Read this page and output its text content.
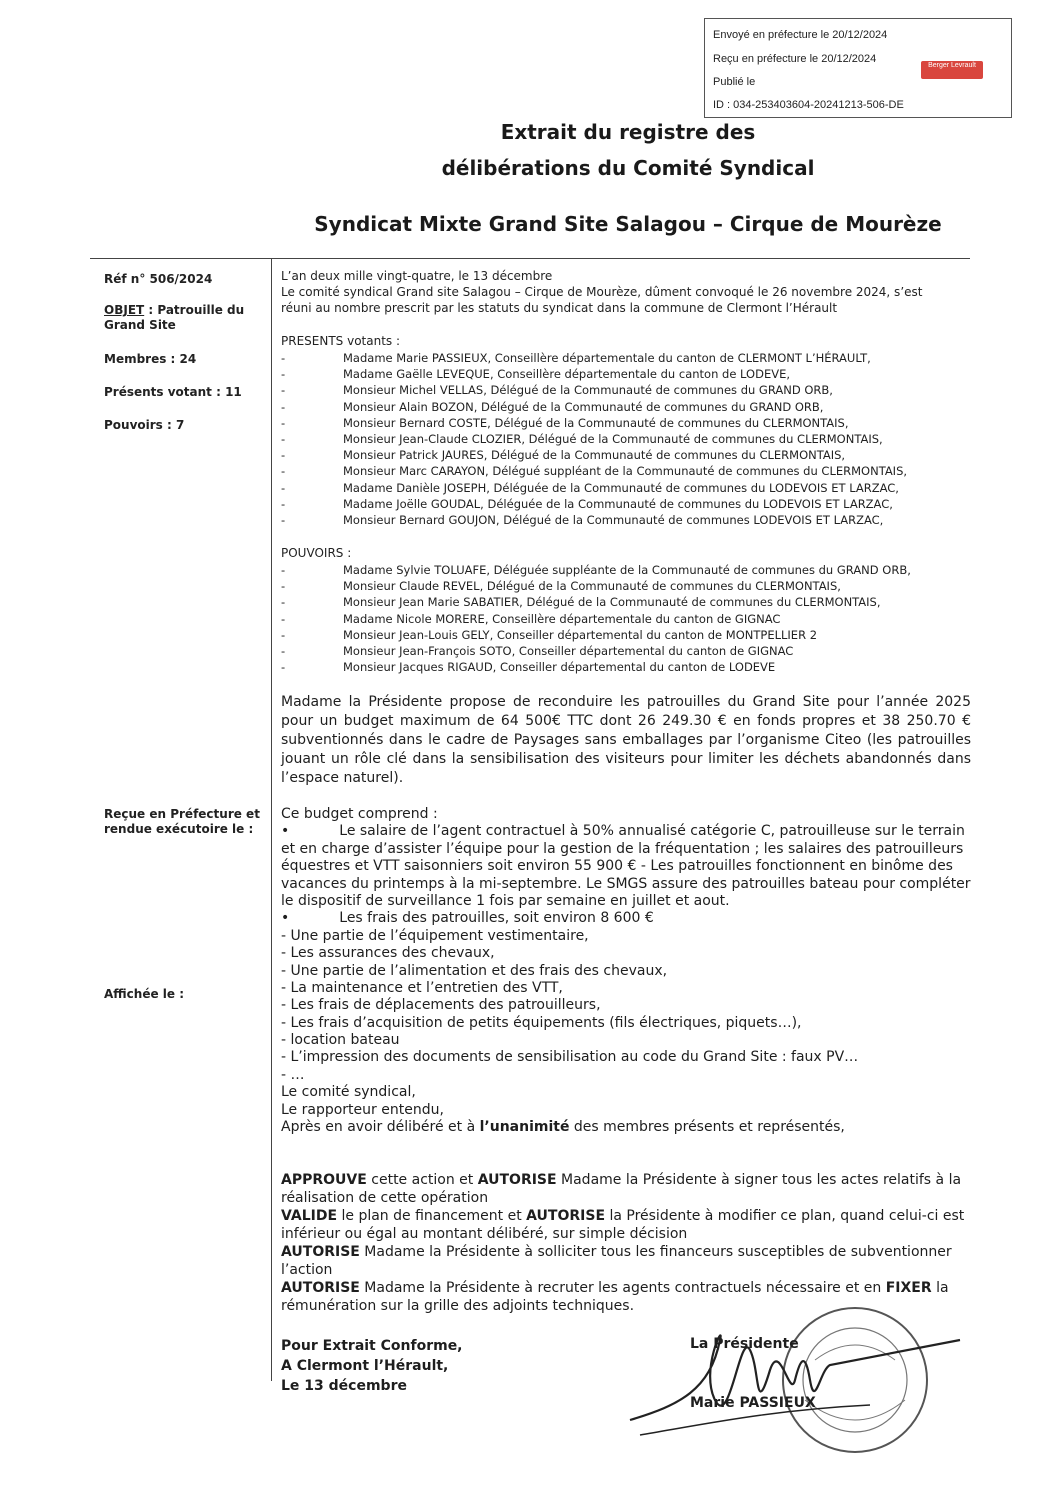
Envoyé en préfecture le 20/12/2024
Reçu en préfecture le 20/12/2024
Publié le
ID : 034-253403604-20241213-506-DE
Berger Levrault
Extrait du registre des
délibérations du Comité Syndical
Syndicat Mixte Grand Site Salagou – Cirque de Mourèze
Réf n° 506/2024
OBJET : Patrouille du
Grand Site
Membres : 24
Présents votant : 11
Pouvoirs : 7
Reçue en Préfecture et
rendue exécutoire le :
Affichée le :
L’an deux mille vingt-quatre, le 13 décembre
Le comité syndical Grand site Salagou – Cirque de Mourèze, dûment convoqué le 26 novembre 2024, s’est
réuni au nombre prescrit par les statuts du syndicat dans la commune de Clermont l’Hérault
PRESENTS votants :
-	Madame Marie PASSIEUX, Conseillère départementale du canton de CLERMONT L’HÉRAULT,
-	Madame Gaëlle LEVEQUE, Conseillère départementale du canton de LODEVE,
-	Monsieur Michel VELLAS, Délégué de la Communauté de communes du GRAND ORB,
-	Monsieur Alain BOZON, Délégué de la Communauté de communes du GRAND ORB,
-	Monsieur Bernard COSTE, Délégué de la Communauté de communes du CLERMONTAIS,
-	Monsieur Jean-Claude CLOZIER, Délégué de la Communauté de communes du CLERMONTAIS,
-	Monsieur Patrick JAURES, Délégué de la Communauté de communes du CLERMONTAIS,
-	Monsieur Marc CARAYON, Délégué suppléant de la Communauté de communes du CLERMONTAIS,
-	Madame Danièle JOSEPH, Déléguée de la Communauté de communes du LODEVOIS ET LARZAC,
-	Madame Joëlle GOUDAL, Déléguée de la Communauté de communes du LODEVOIS ET LARZAC,
-	Monsieur Bernard GOUJON, Délégué de la Communauté de communes LODEVOIS ET LARZAC,
POUVOIRS :
-	Madame Sylvie TOLUAFE, Déléguée suppléante de la Communauté de communes du GRAND ORB,
-	Monsieur Claude REVEL, Délégué de la Communauté de communes du CLERMONTAIS,
-	Monsieur Jean Marie SABATIER, Délégué de la Communauté de communes du CLERMONTAIS,
-	Madame Nicole MORERE, Conseillère départementale du canton de GIGNAC
-	Monsieur Jean-Louis GELY, Conseiller départemental du canton de MONTPELLIER 2
-	Monsieur Jean-François SOTO, Conseiller départemental du canton de GIGNAC
-	Monsieur Jacques RIGAUD, Conseiller départemental du canton de LODEVE
Madame la Présidente propose de reconduire les patrouilles du Grand Site pour l’année 2025 pour un budget maximum de 64 500€ TTC dont 26 249.30 € en fonds propres et 38 250.70 € subventionnés dans le cadre de Paysages sans emballages par l’organisme Citeo (les patrouilles jouant un rôle clé dans la sensibilisation des visiteurs pour limiter les déchets abandonnés dans l’espace naturel).
Ce budget comprend :
•	Le salaire de l’agent contractuel à 50% annualisé catégorie C, patrouilleuse sur le terrain
et en charge d’assister l’équipe pour la gestion de la fréquentation ; les salaires des patrouilleurs
équestres et VTT saisonniers soit environ 55 900 € - Les patrouilles fonctionnent en binôme des
vacances du printemps à la mi-septembre. Le SMGS assure des patrouilles bateau pour compléter
le dispositif de surveillance 1 fois par semaine en juillet et aout.
•	Les frais des patrouilles, soit environ 8 600 €
- Une partie de l’équipement vestimentaire,
- Les assurances des chevaux,
- Une partie de l’alimentation et des frais des chevaux,
- La maintenance et l’entretien des VTT,
- Les frais de déplacements des patrouilleurs,
- Les frais d’acquisition de petits équipements (fils électriques, piquets…),
- location bateau
- L’impression des documents de sensibilisation au code du Grand Site : faux PV…
- …
Le comité syndical,
Le rapporteur entendu,
Après en avoir délibéré et à l’unanimité des membres présents et représentés,
APPROUVE cette action et AUTORISE Madame la Présidente à signer tous les actes relatifs à la
réalisation de cette opération
VALIDE le plan de financement et AUTORISE la Présidente à modifier ce plan, quand celui-ci est
inférieur ou égal au montant délibéré, sur simple décision
AUTORISE Madame la Présidente à solliciter tous les financeurs susceptibles de subventionner
l’action
AUTORISE Madame la Présidente à recruter les agents contractuels nécessaire et en FIXER la
rémunération sur la grille des adjoints techniques.
Pour Extrait Conforme,
A Clermont l’Hérault,
Le 13 décembre
La Présidente
Marie PASSIEUX
